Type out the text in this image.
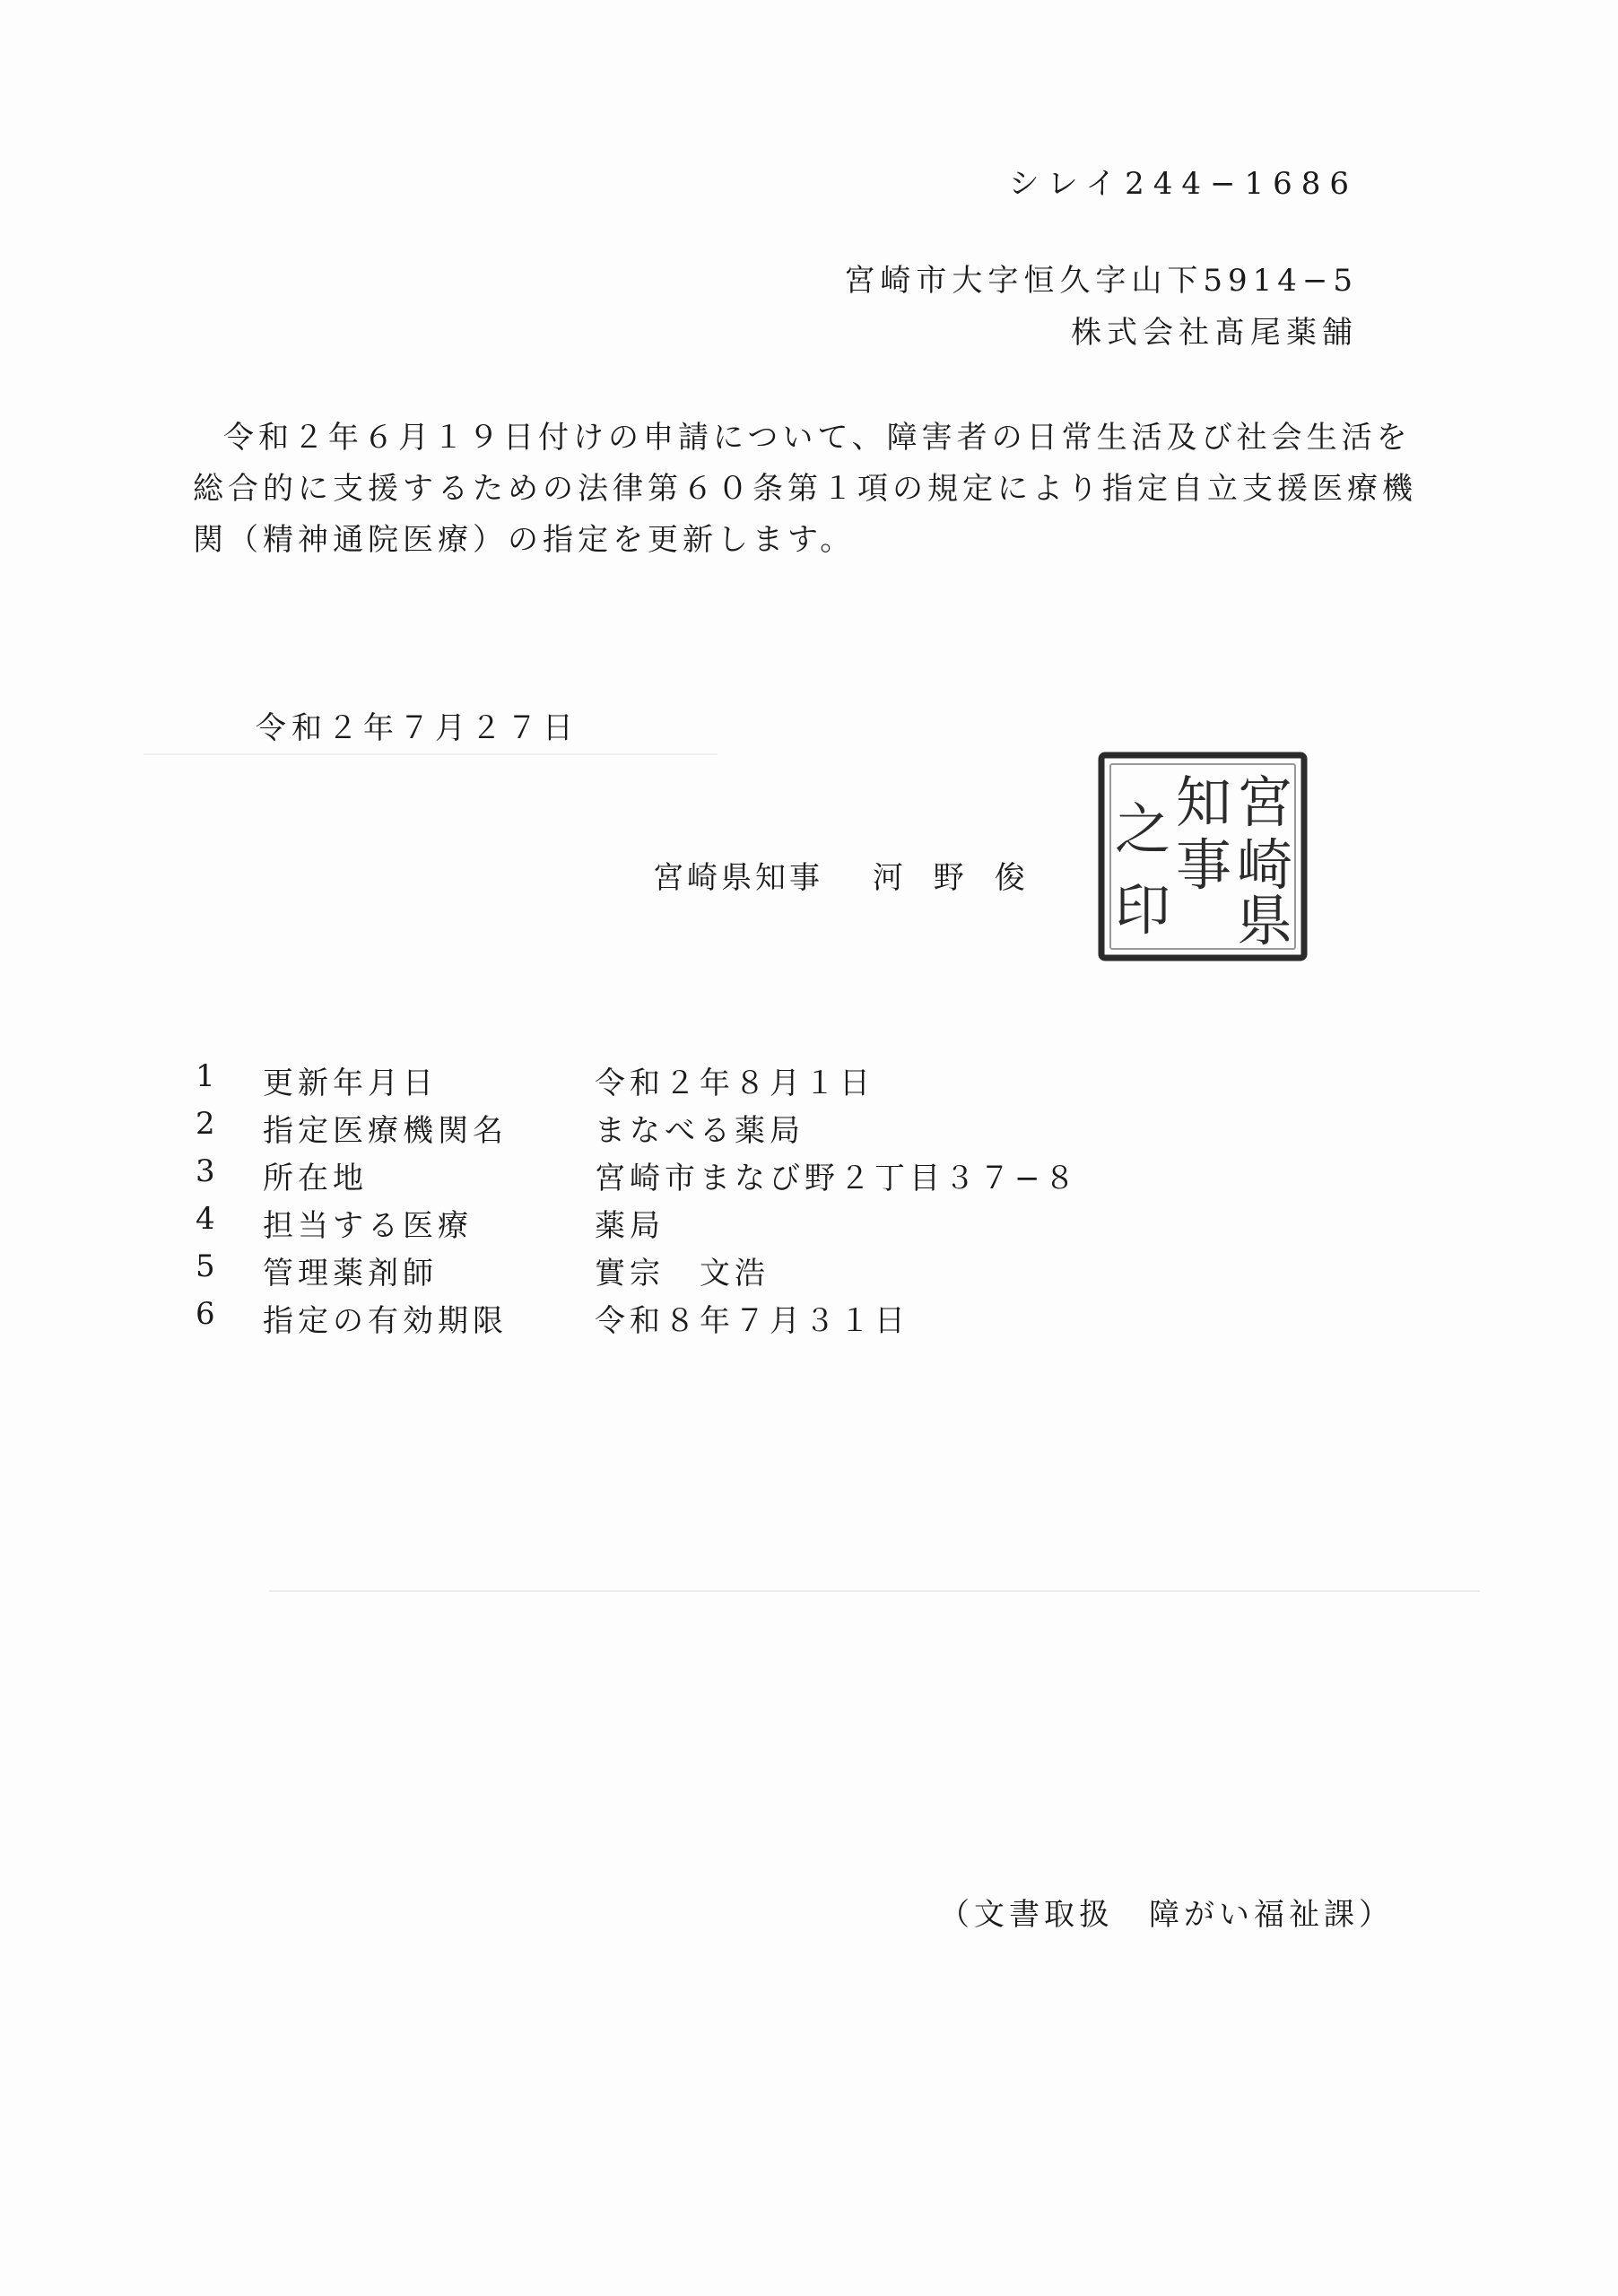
シレイ244−1686
宮崎市大字恒久字山下5914−5
株式会社髙尾薬舗
令和２年６月１９日付けの申請について、障害者の日常生活及び社会生活を
総合的に支援するための法律第６０条第１項の規定により指定自立支援医療機
関（精神通院医療）の指定を更新します。
令和２年７月２７日
宮崎県知事 河野俊
宮
崎
県
知
事
之
印
1	更新年月日	令和２年８月１日
2	指定医療機関名	まなべる薬局
3	所在地	宮崎市まなび野２丁目３７−８
4	担当する医療	薬局
5	管理薬剤師	實宗　文浩
6	指定の有効期限	令和８年７月３１日
（文書取扱　障がい福祉課）
